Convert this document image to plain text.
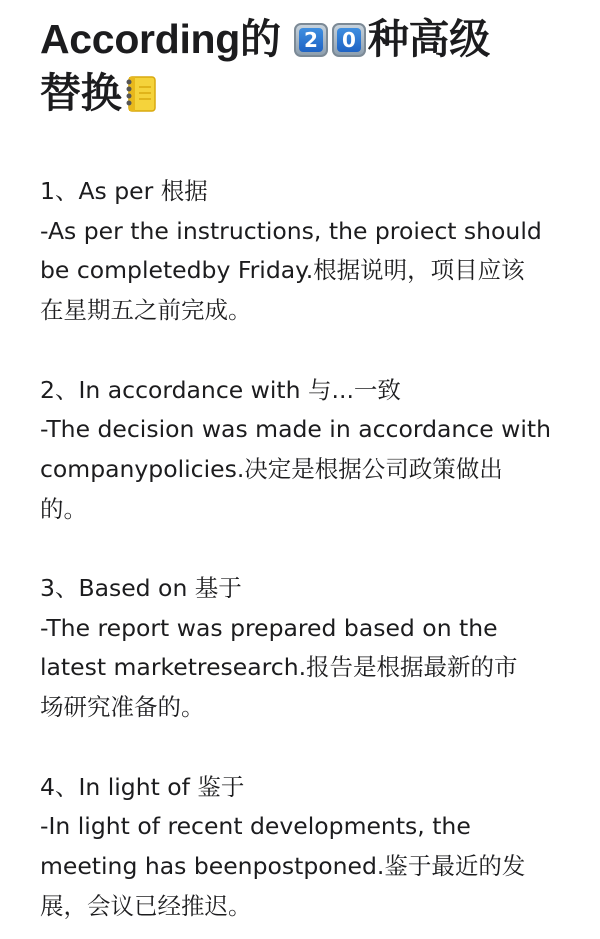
According的 2 0 种高级
替换
1、As per 根据
-As per the instructions, the proiect should
be completedby Friday.根据说明，项目应该
在星期五之前完成。
2、In accordance with 与...一致
-The decision was made in accordance with
companypolicies.决定是根据公司政策做出
的。
3、Based on 基于
-The report was prepared based on the
latest marketresearch.报告是根据最新的市
场研究准备的。
4、In light of 鉴于
-In light of recent developments, the
meeting has beenpostponed.鉴于最近的发
展，会议已经推迟。
